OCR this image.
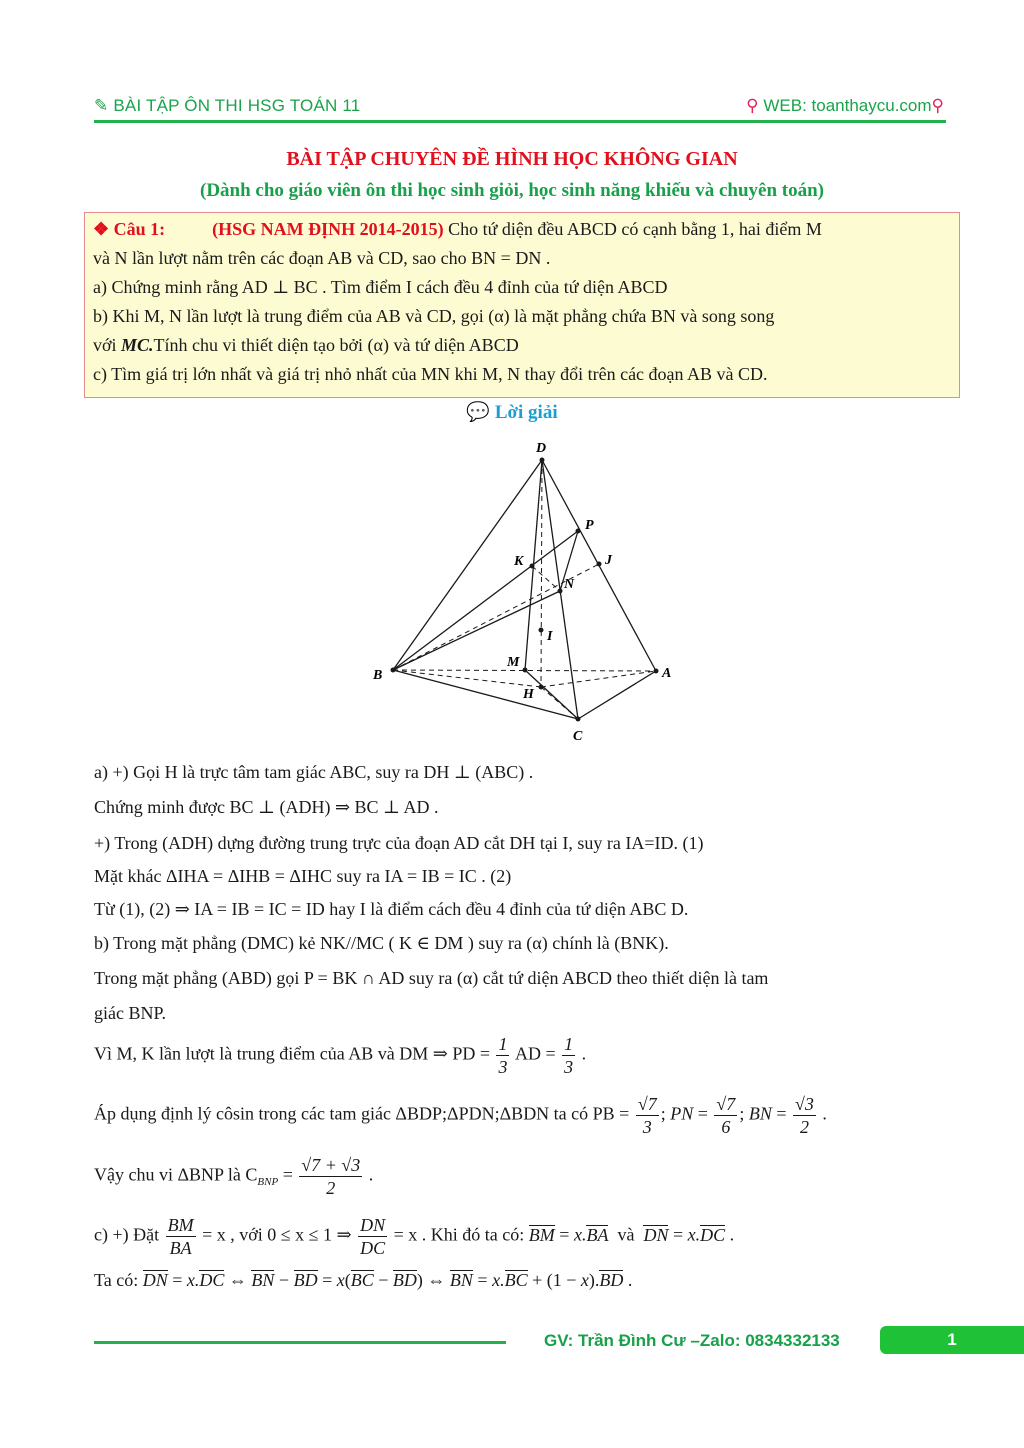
✎ BÀI TẬP ÔN THI HSG TOÁN 11	⚲ WEB: toanthaycu.com⚲
BÀI TẬP CHUYÊN ĐỀ HÌNH HỌC KHÔNG GIAN
(Dành cho giáo viên ôn thi học sinh giỏi, học sinh năng khiếu và chuyên toán)
❖ Câu 1:	(HSG NAM ĐỊNH 2014-2015) Cho tứ diện đều ABCD có cạnh bằng 1, hai điểm M
và N lần lượt nằm trên các đoạn AB và CD, sao cho BN = DN .
a) Chứng minh rằng AD ⊥ BC . Tìm điểm I cách đều 4 đỉnh của tứ diện ABCD
b) Khi M, N lần lượt là trung điểm của AB và CD, gọi (α) là mặt phẳng chứa BN và song song
với MC.Tính chu vi thiết diện tạo bởi (α) và tứ diện ABCD
c) Tìm giá trị lớn nhất và giá trị nhỏ nhất của MN khi M, N thay đổi trên các đoạn AB và CD.
💬 Lời giải
D
P
K	J
N
I
M
B	A
H
C
a) +) Gọi H là trực tâm tam giác ABC, suy ra DH ⊥ (ABC) .
Chứng minh được BC ⊥ (ADH) ⇒ BC ⊥ AD .
+) Trong (ADH) dựng đường trung trực của đoạn AD cắt DH tại I, suy ra IA=ID. (1)
Mặt khác ΔIHA = ΔIHB = ΔIHC suy ra IA = IB = IC . (2)
Từ (1), (2) ⇒ IA = IB = IC = ID hay I là điểm cách đều 4 đỉnh của tứ diện ABC D.
b) Trong mặt phẳng (DMC) kẻ NK//MC ( K ∈ DM ) suy ra (α) chính là (BNK).
Trong mặt phẳng (ABD) gọi P = BK ∩ AD suy ra (α) cắt tứ diện ABCD theo thiết diện là tam
giác BNP.
Vì M, K lần lượt là trung điểm của AB và DM ⇒ PD = $\frac{1}{3}$ AD = $\frac{1}{3}$ .
Áp dụng định lý côsin trong các tam giác ΔBDP;ΔPDN;ΔBDN ta có PB = $\frac{√7}{3}$ ; PN = $\frac{√7}{6}$ ; BN = $\frac{√3}{2}$ .
Vậy chu vi ΔBNP là $C_{BNP} = \frac{√7 + √3}{2}$ .
c) +) Đặt $\frac{BM}{BA} = x$ , với 0 ≤ x ≤ 1 ⇒ $\frac{DN}{DC} = x$ . Khi đó ta có: BM = x.BA  và  DN = x.DC .
Ta có: DN = x.DC ⇔ BN − BD = x(BC − BD) ⇔ BN = x.BC + (1 − x).BD .
GV: Trần Đình Cư –Zalo: 0834332133	1
